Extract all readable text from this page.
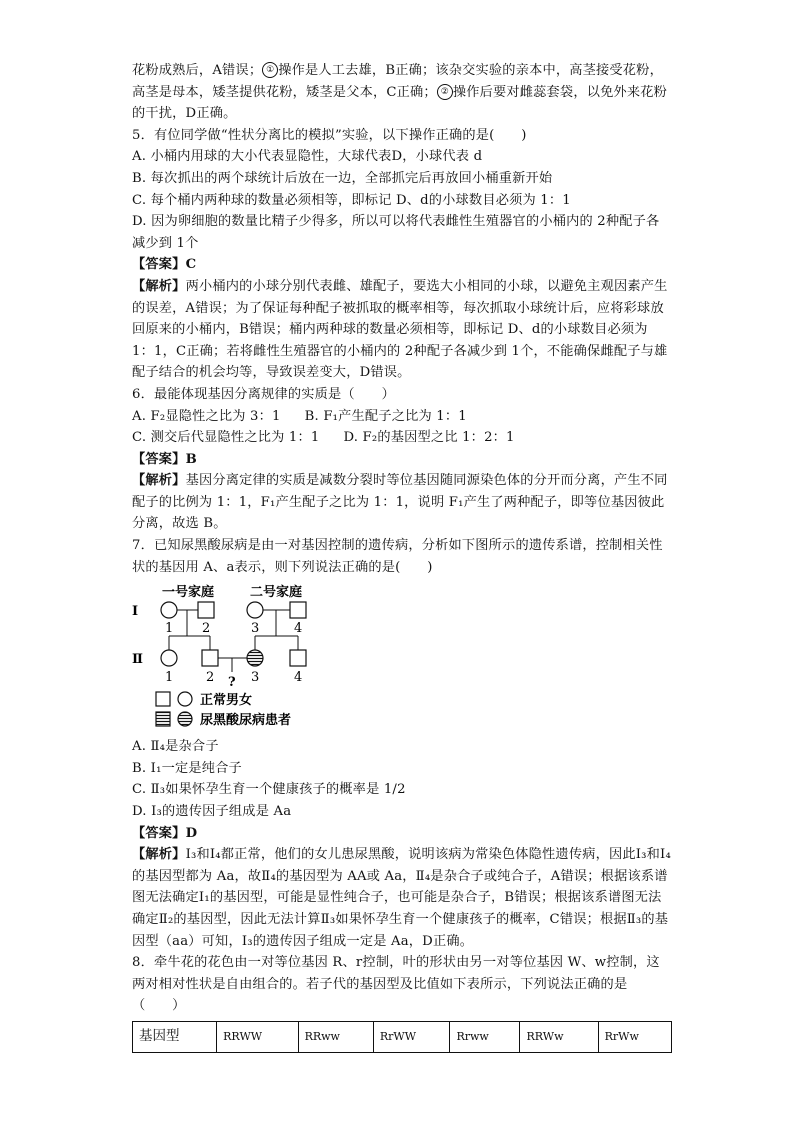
花粉成熟后，A错误； ① 操作是人工去雄，B正确；该杂交实验的亲本中，高茎接受花粉，高茎是母本，矮茎提供花粉，矮茎是父本，C正确； ② 操作后要对雌蕊套袋，以免外来花粉的干扰，D正确。

5．有位同学做“性状分离比的模拟”实验，以下操作正确的是(　　)

A. 小桶内用球的大小代表显隐性，大球代表D，小球代表 d

B. 每次抓出的两个球统计后放在一边，全部抓完后再放回小桶重新开始

C. 每个桶内两种球的数量必须相等，即标记 D、d的小球数目必须为 1：1

D. 因为卵细胞的数量比精子少得多，所以可以将代表雌性生殖器官的小桶内的 2种配子各减少到 1个

【答案】C

【解析】两小桶内的小球分别代表雌、雄配子，要选大小相同的小球，以避免主观因素产生的误差，A错误；为了保证每种配子被抓取的概率相等，每次抓取小球统计后，应将彩球放回原来的小桶内，B错误；桶内两种球的数量必须相等，即标记 D、d的小球数目必须为 1：1，C正确；若将雌性生殖器官的小桶内的 2种配子各减少到 1个，不能确保雌配子与雄配子结合的机会均等，导致误差变大，D错误。

6．最能体现基因分离规律的实质是（　　）

A. F₂显隐性之比为 3：1 B. F₁产生配子之比为 1：1

C. 测交后代显隐性之比为 1：1 D. F₂的基因型之比 1：2：1

【答案】B

【解析】基因分离定律的实质是减数分裂时等位基因随同源染色体的分开而分离，产生不同配子的比例为 1：1，F₁产生配子之比为 1：1，说明 F₁产生了两种配子，即等位基因彼此分离，故选 B。

7．已知尿黑酸尿病是由一对基因控制的遗传病，分析如下图所示的遗传系谱，控制相关性状的基因用 A、a表示，则下列说法正确的是(　　)

一号家庭	二号家庭
Ⅰ
Ⅱ
1 2	3	4
?
1	2	3	4
正常男女
尿黑酸尿病患者

A. Ⅱ₄是杂合子

B. Ⅰ₁一定是纯合子

C. Ⅱ₃如果怀孕生育一个健康孩子的概率是 1/2

D. Ⅰ₃的遗传因子组成是 Aa

【答案】D

【解析】Ⅰ₃和Ⅰ₄都正常，他们的女儿患尿黑酸，说明该病为常染色体隐性遗传病，因此Ⅰ₃和Ⅰ₄的基因型都为 Aa，故Ⅱ₄的基因型为 AA或 Aa，Ⅱ₄是杂合子或纯合子，A错误；根据该系谱图无法确定Ⅰ₁的基因型，可能是显性纯合子，也可能是杂合子，B错误；根据该系谱图无法确定Ⅱ₂的基因型，因此无法计算Ⅱ₃如果怀孕生育一个健康孩子的概率，C错误；根据Ⅱ₃的基因型（aa）可知，Ⅰ₃的遗传因子组成一定是 Aa，D正确。

8．牵牛花的花色由一对等位基因 R、r控制，叶的形状由另一对等位基因 W、w控制，这两对相对性状是自由组合的。若子代的基因型及比值如下表所示，下列说法正确的是（　　）

基因型	RRWW	RRww	RrWW	Rrww	RRWw	RrWw
